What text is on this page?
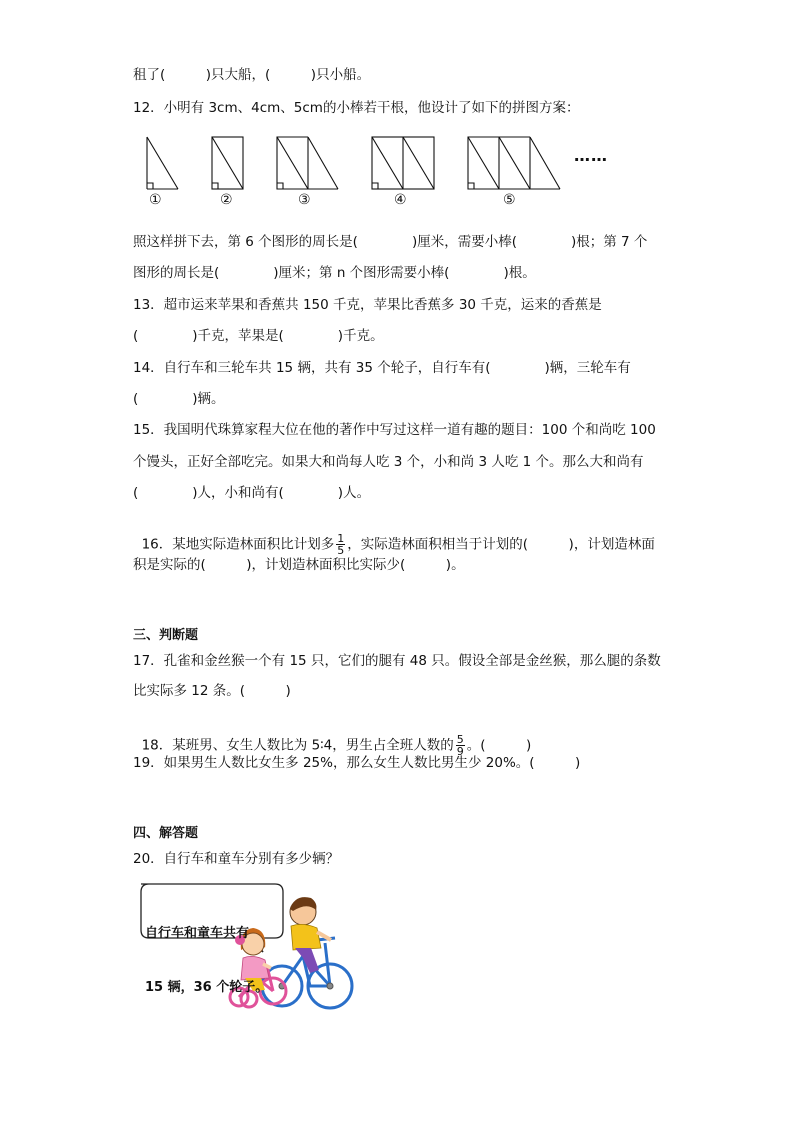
租了(　　　)只大船，(　　　)只小船。
12．小明有 3cm、4cm、5cm的小棒若干根，他设计了如下的拼图方案：
①	②	③	④	⑤
……
照这样拼下去，第 6 个图形的周长是(　　　　)厘米，需要小棒(　　　　)根；第 7 个
图形的周长是(　　　　)厘米；第 n 个图形需要小棒(　　　　)根。
13．超市运来苹果和香蕉共 150 千克，苹果比香蕉多 30 千克，运来的香蕉是
(　　　　)千克，苹果是(　　　　)千克。
14．自行车和三轮车共 15 辆，共有 35 个轮子，自行车有(　　　　)辆，三轮车有
(　　　　)辆。
15．我国明代珠算家程大位在他的著作中写过这样一道有趣的题目：100 个和尚吃 100
个馒头，正好全部吃完。如果大和尚每人吃 3 个，小和尚 3 人吃 1 个。那么大和尚有
(　　　　)人，小和尚有(　　　　)人。

16．某地实际造林面积比计划多 $\frac{1}{5}$ ，实际造林面积相当于计划的(　　　)，计划造林面

积是实际的(　　　)，计划造林面积比实际少(　　　)。
三、判断题
17．孔雀和金丝猴一个有 15 只，它们的腿有 48 只。假设全部是金丝猴，那么腿的条数
比实际多 12 条。(　　　)

18．某班男、女生人数比为 5∶4，男生占全班人数的 $\frac{5}{9}$ 。(　　　)

19．如果男生人数比女生多 25%，那么女生人数比男生少 20%。(　　　)
四、解答题
20．自行车和童车分别有多少辆？

自行车和童车共有

15 辆，36 个轮子。
